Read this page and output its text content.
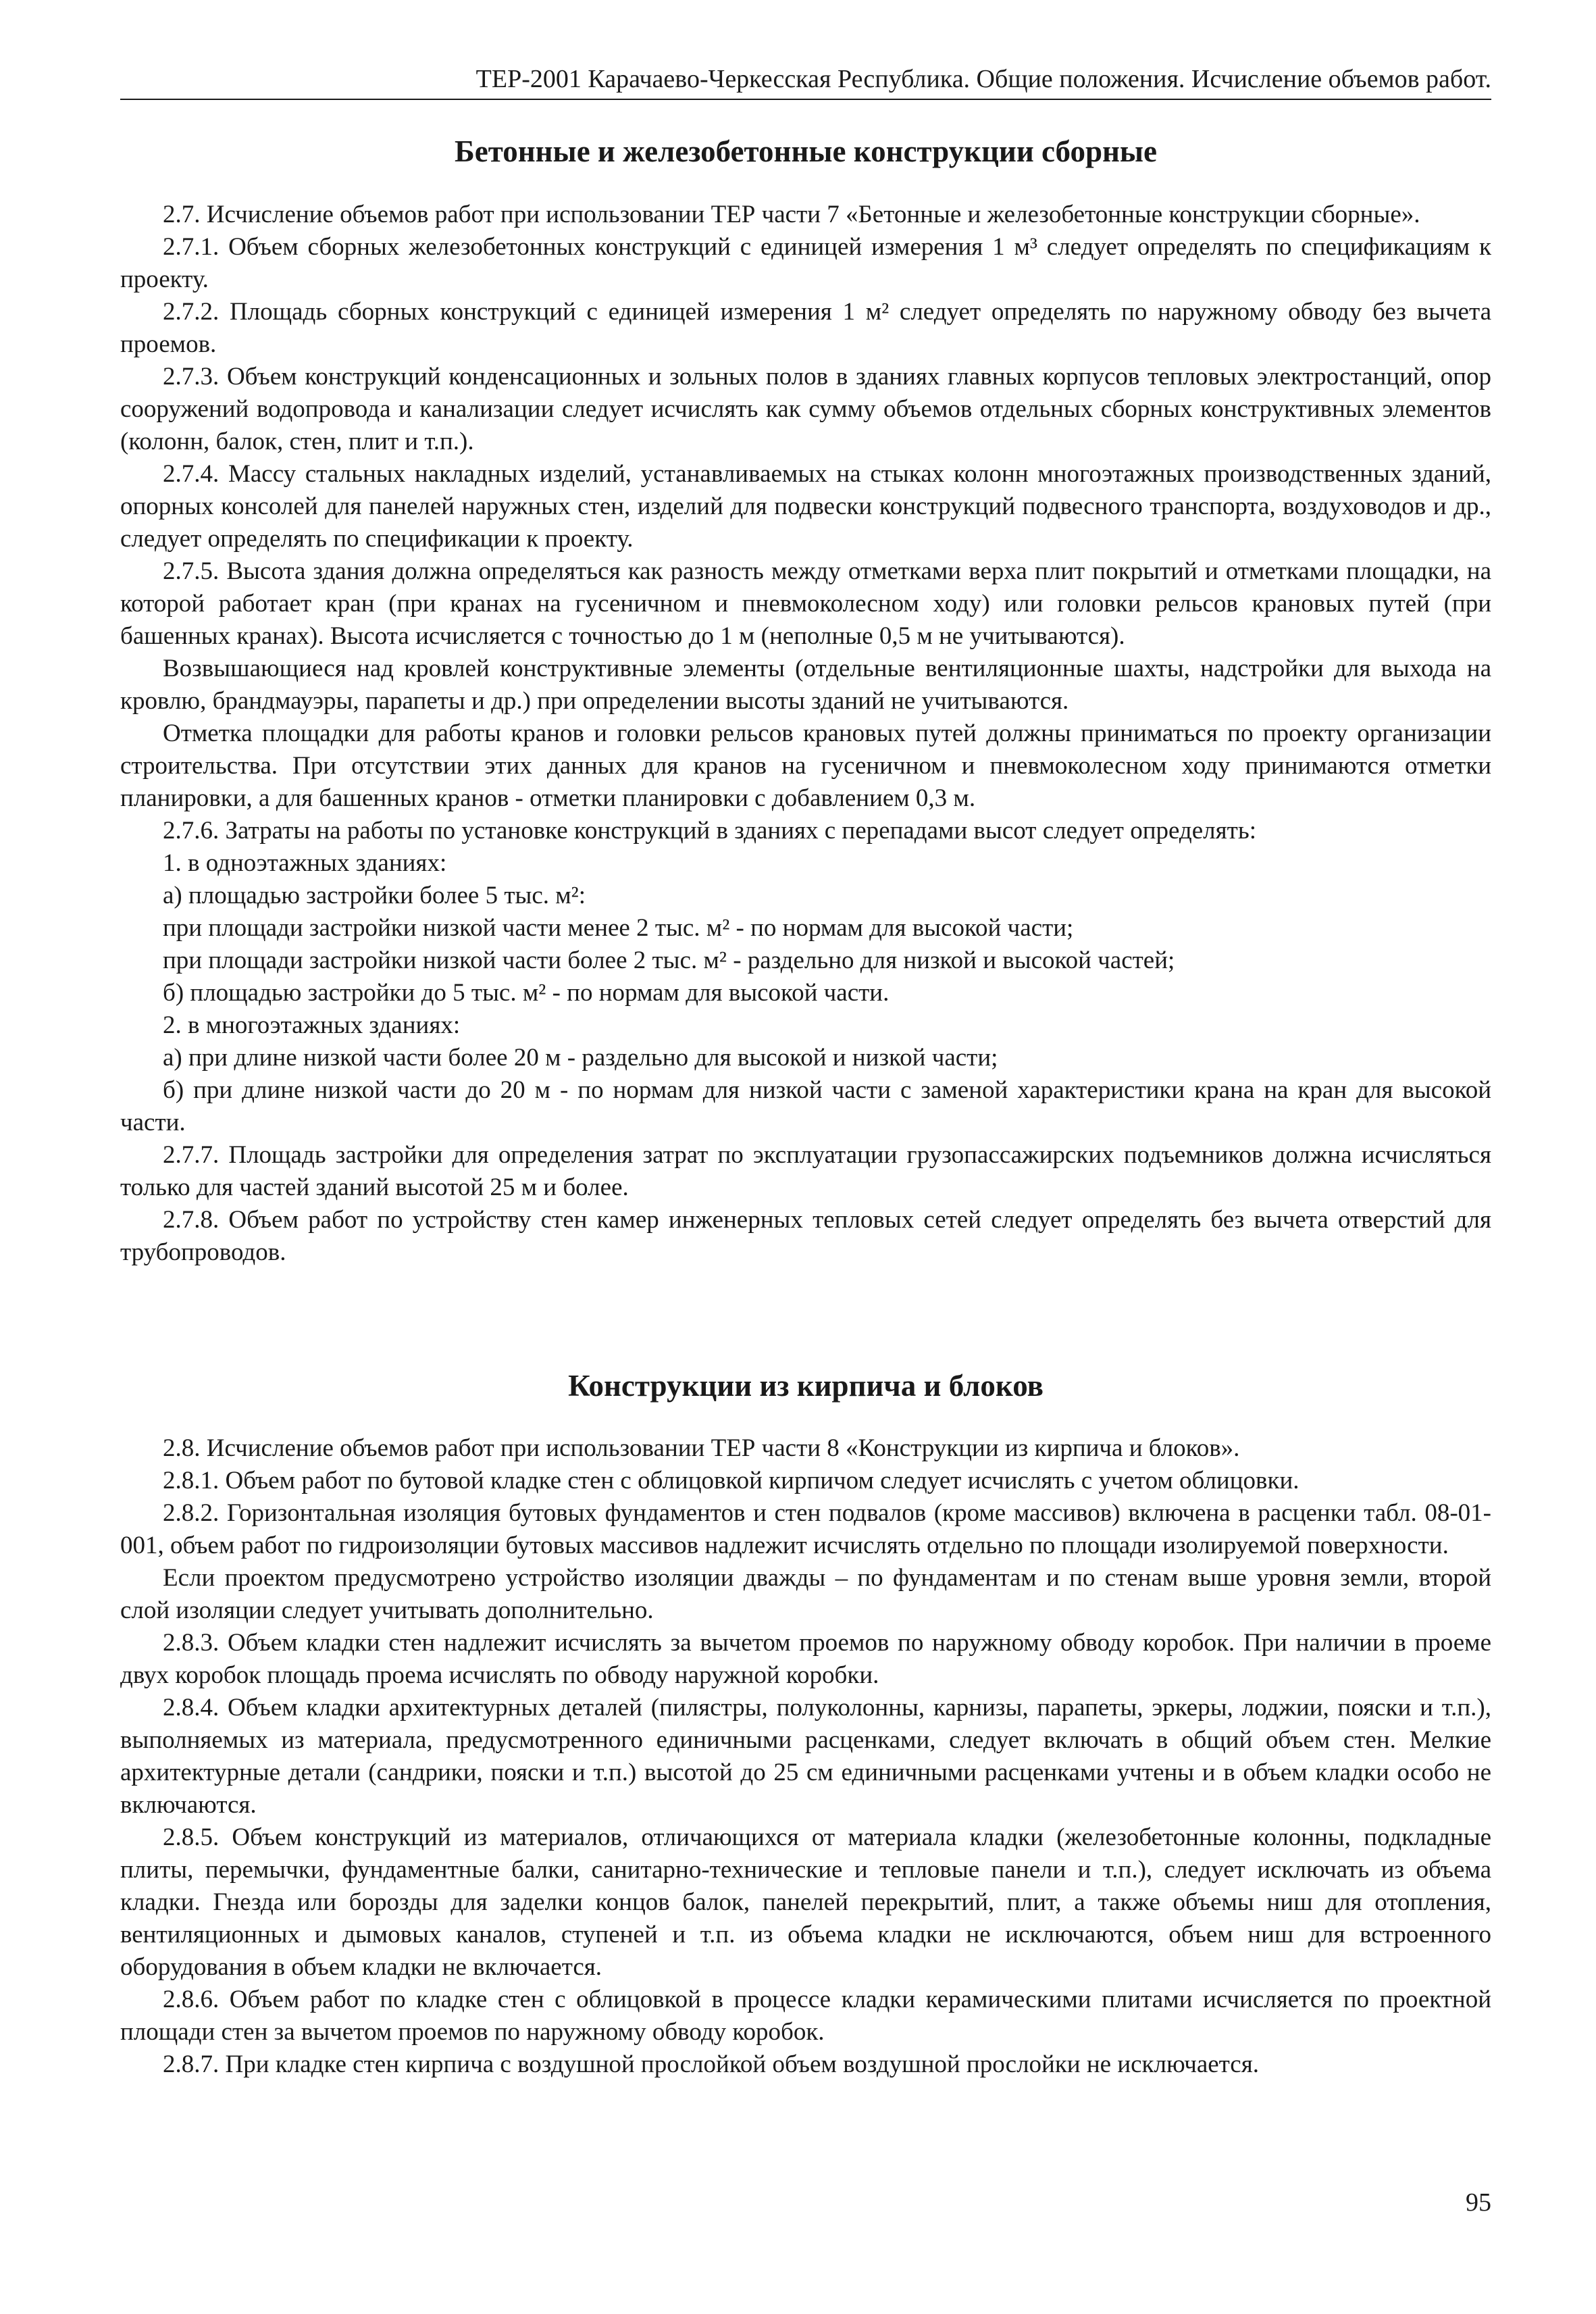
ТЕР-2001 Карачаево-Черкесская Республика. Общие положения. Исчисление объемов работ.
Бетонные и железобетонные конструкции сборные

2.7. Исчисление объемов работ при использовании ТЕР части 7 «Бетонные и железобетонные конструкции сборные».

2.7.1. Объем сборных железобетонных конструкций с единицей измерения 1 м³ следует определять по спецификациям к проекту.

2.7.2. Площадь сборных конструкций с единицей измерения 1 м² следует определять по наружному обводу без вычета проемов.

2.7.3. Объем конструкций конденсационных и зольных полов в зданиях главных корпусов тепловых электростанций, опор сооружений водопровода и канализации следует исчислять как сумму объемов отдельных сборных конструктивных элементов (колонн, балок, стен, плит и т.п.).

2.7.4. Массу стальных накладных изделий, устанавливаемых на стыках колонн многоэтажных производственных зданий, опорных консолей для панелей наружных стен, изделий для подвески конструкций подвесного транспорта, воздуховодов и др., следует определять по спецификации к проекту.

2.7.5. Высота здания должна определяться как разность между отметками верха плит покрытий и отметками площадки, на которой работает кран (при кранах на гусеничном и пневмоколесном ходу) или головки рельсов крановых путей (при башенных кранах). Высота исчисляется с точностью до 1 м (неполные 0,5 м не учитываются).

Возвышающиеся над кровлей конструктивные элементы (отдельные вентиляционные шахты, надстройки для выхода на кровлю, брандмауэры, парапеты и др.) при определении высоты зданий не учитываются.

Отметка площадки для работы кранов и головки рельсов крановых путей должны приниматься по проекту организации строительства. При отсутствии этих данных для кранов на гусеничном и пневмоколесном ходу принимаются отметки планировки, а для башенных кранов - отметки планировки с добавлением 0,3 м.

2.7.6. Затраты на работы по установке конструкций в зданиях с перепадами высот следует определять:

1. в одноэтажных зданиях:

а) площадью застройки более 5 тыс. м²:

при площади застройки низкой части менее 2 тыс. м² - по нормам для высокой части;

при площади застройки низкой части более 2 тыс. м² - раздельно для низкой и высокой частей;

б) площадью застройки до 5 тыс. м² - по нормам для высокой части.

2. в многоэтажных зданиях:

а) при длине низкой части более 20 м - раздельно для высокой и низкой части;

б) при длине низкой части до 20 м - по нормам для низкой части с заменой характеристики крана на кран для высокой части.

2.7.7. Площадь застройки для определения затрат по эксплуатации грузопассажирских подъемников должна исчисляться только для частей зданий высотой 25 м и более.

2.7.8. Объем работ по устройству стен камер инженерных тепловых сетей следует определять без вычета отверстий для трубопроводов.

Конструкции из кирпича и блоков

2.8. Исчисление объемов работ при использовании ТЕР части 8 «Конструкции из кирпича и блоков».

2.8.1. Объем работ по бутовой кладке стен с облицовкой кирпичом следует исчислять с учетом облицовки.

2.8.2. Горизонтальная изоляция бутовых фундаментов и стен подвалов (кроме массивов) включена в расценки табл. 08-01-001, объем работ по гидроизоляции бутовых массивов надлежит исчислять отдельно по площади изолируемой поверхности.

Если проектом предусмотрено устройство изоляции дважды – по фундаментам и по стенам выше уровня земли, второй слой изоляции следует учитывать дополнительно.

2.8.3. Объем кладки стен надлежит исчислять за вычетом проемов по наружному обводу коробок. При наличии в проеме двух коробок площадь проема исчислять по обводу наружной коробки.

2.8.4. Объем кладки архитектурных деталей (пилястры, полуколонны, карнизы, парапеты, эркеры, лоджии, пояски и т.п.), выполняемых из материала, предусмотренного единичными расценками, следует включать в общий объем стен. Мелкие архитектурные детали (сандрики, пояски и т.п.) высотой до 25 см единичными расценками учтены и в объем кладки особо не включаются.

2.8.5. Объем конструкций из материалов, отличающихся от материала кладки (железобетонные колонны, подкладные плиты, перемычки, фундаментные балки, санитарно-технические и тепловые панели и т.п.), следует исключать из объема кладки. Гнезда или борозды для заделки концов балок, панелей перекрытий, плит, а также объемы ниш для отопления, вентиляционных и дымовых каналов, ступеней и т.п. из объема кладки не исключаются, объем ниш для встроенного оборудования в объем кладки не включается.

2.8.6. Объем работ по кладке стен с облицовкой в процессе кладки керамическими плитами исчисляется по проектной площади стен за вычетом проемов по наружному обводу коробок.

2.8.7. При кладке стен кирпича с воздушной прослойкой объем воздушной прослойки не исключается.

95
